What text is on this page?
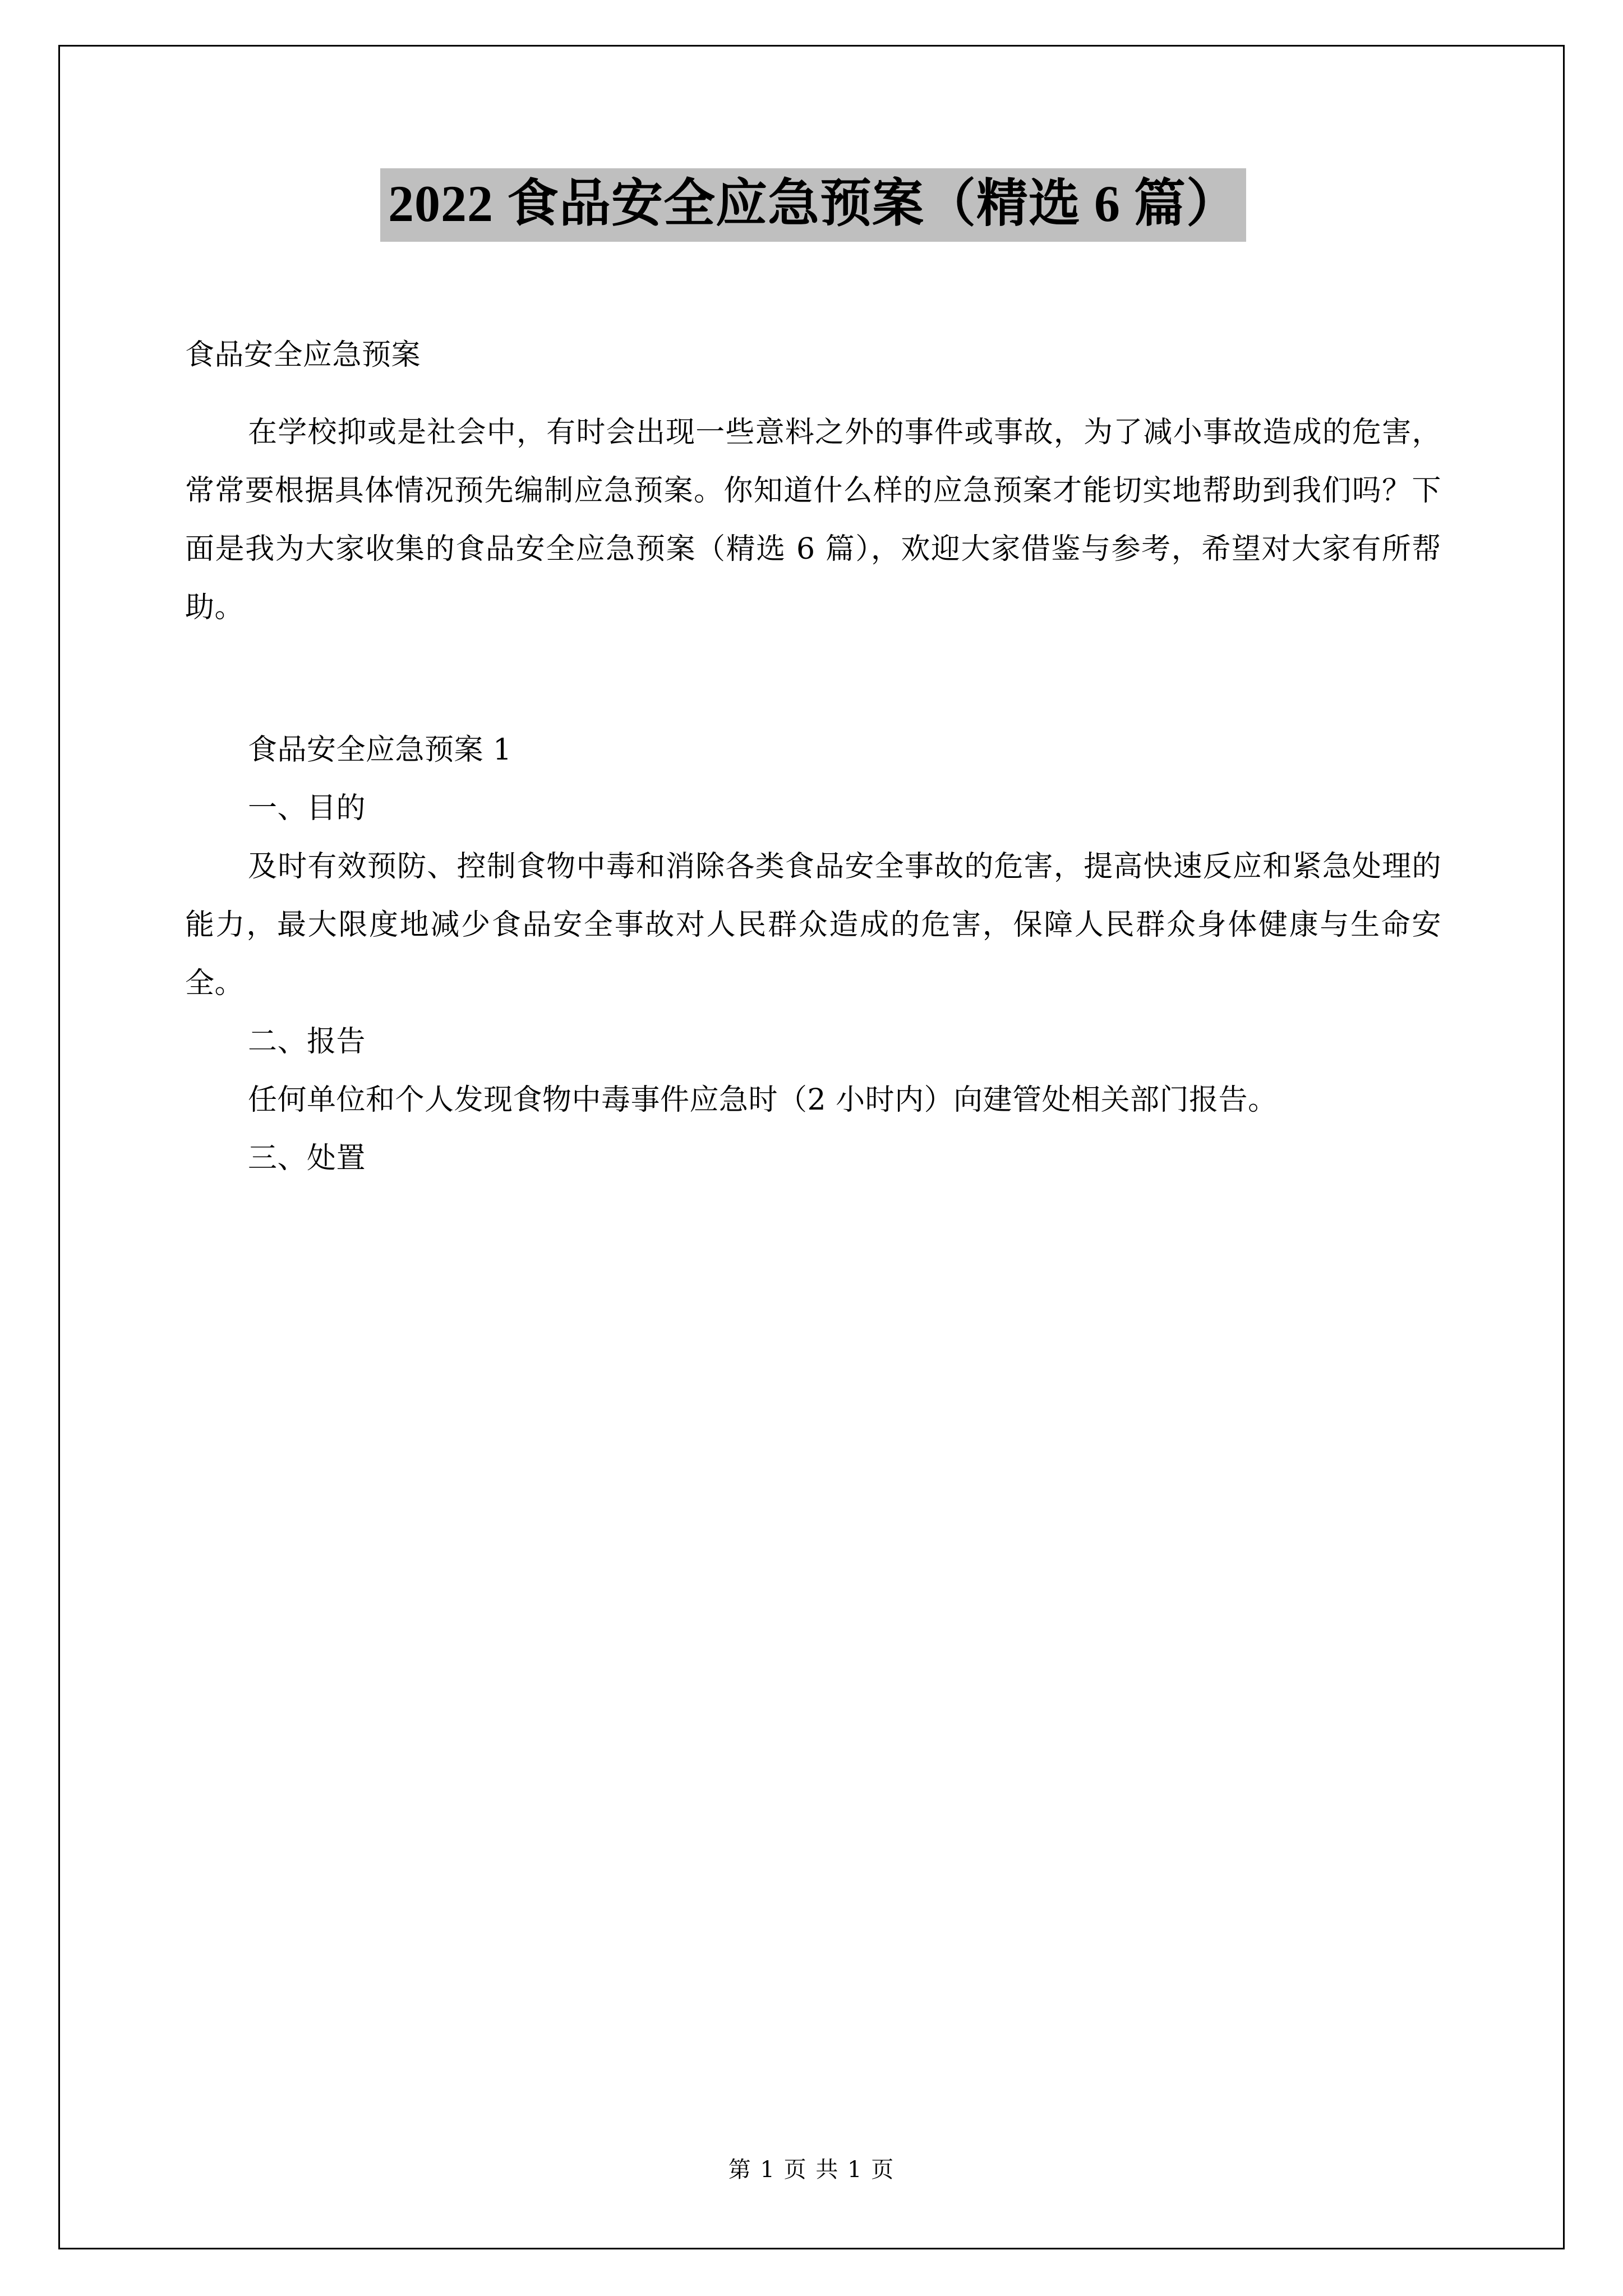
2022 食品安全应急预案（精选 6 篇）

食品安全应急预案

在学校抑或是社会中，有时会出现一些意料之外的事件或事故，为了减小事故造成的危害，常常要根据具体情况预先编制应急预案。你知道什么样的应急预案才能切实地帮助到我们吗？下面是我为大家收集的食品安全应急预案（精选 6 篇），欢迎大家借鉴与参考，希望对大家有所帮助。

食品安全应急预案 1

一、目的

及时有效预防、控制食物中毒和消除各类食品安全事故的危害，提高快速反应和紧急处理的能力，最大限度地减少食品安全事故对人民群众造成的危害，保障人民群众身体健康与生命安全。

二、报告

任何单位和个人发现食物中毒事件应急时（2 小时内）向建管处相关部门报告。

三、处置

第 1 页 共 1 页
